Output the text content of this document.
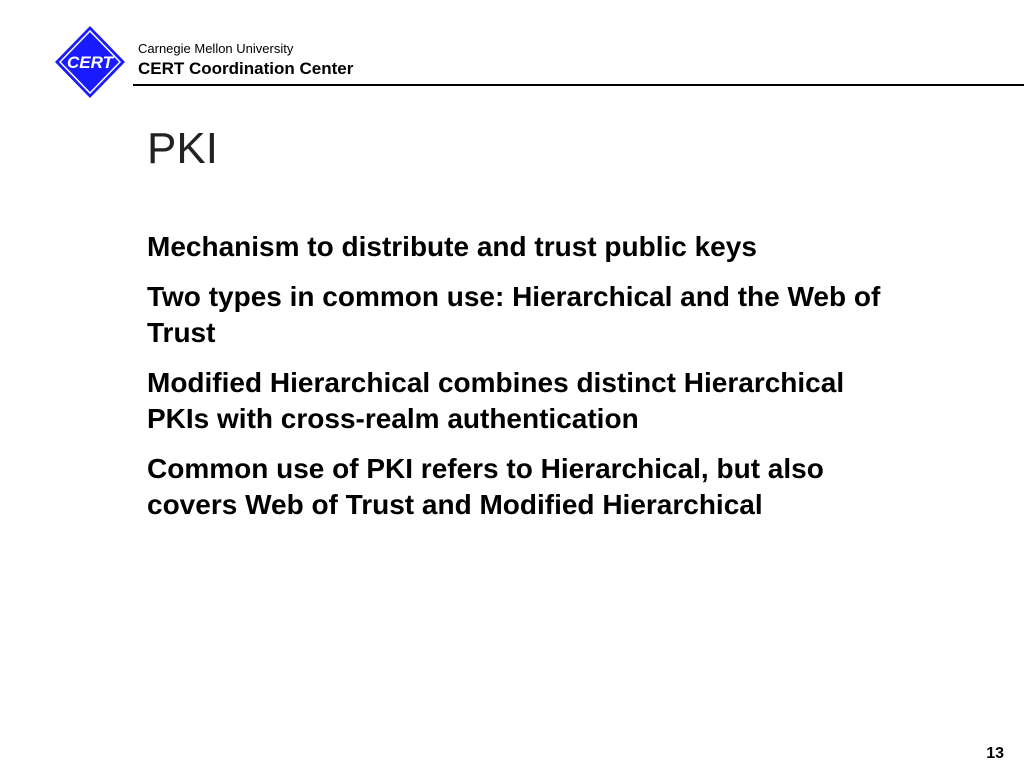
CERT
Carnegie Mellon University
CERT Coordination Center
PKI
Mechanism to distribute and trust public keys
Two types in common use: Hierarchical and the Web of Trust
Modified Hierarchical combines distinct Hierarchical PKIs with cross-realm authentication
Common use of PKI refers to Hierarchical, but also covers Web of Trust and Modified Hierarchical
13
